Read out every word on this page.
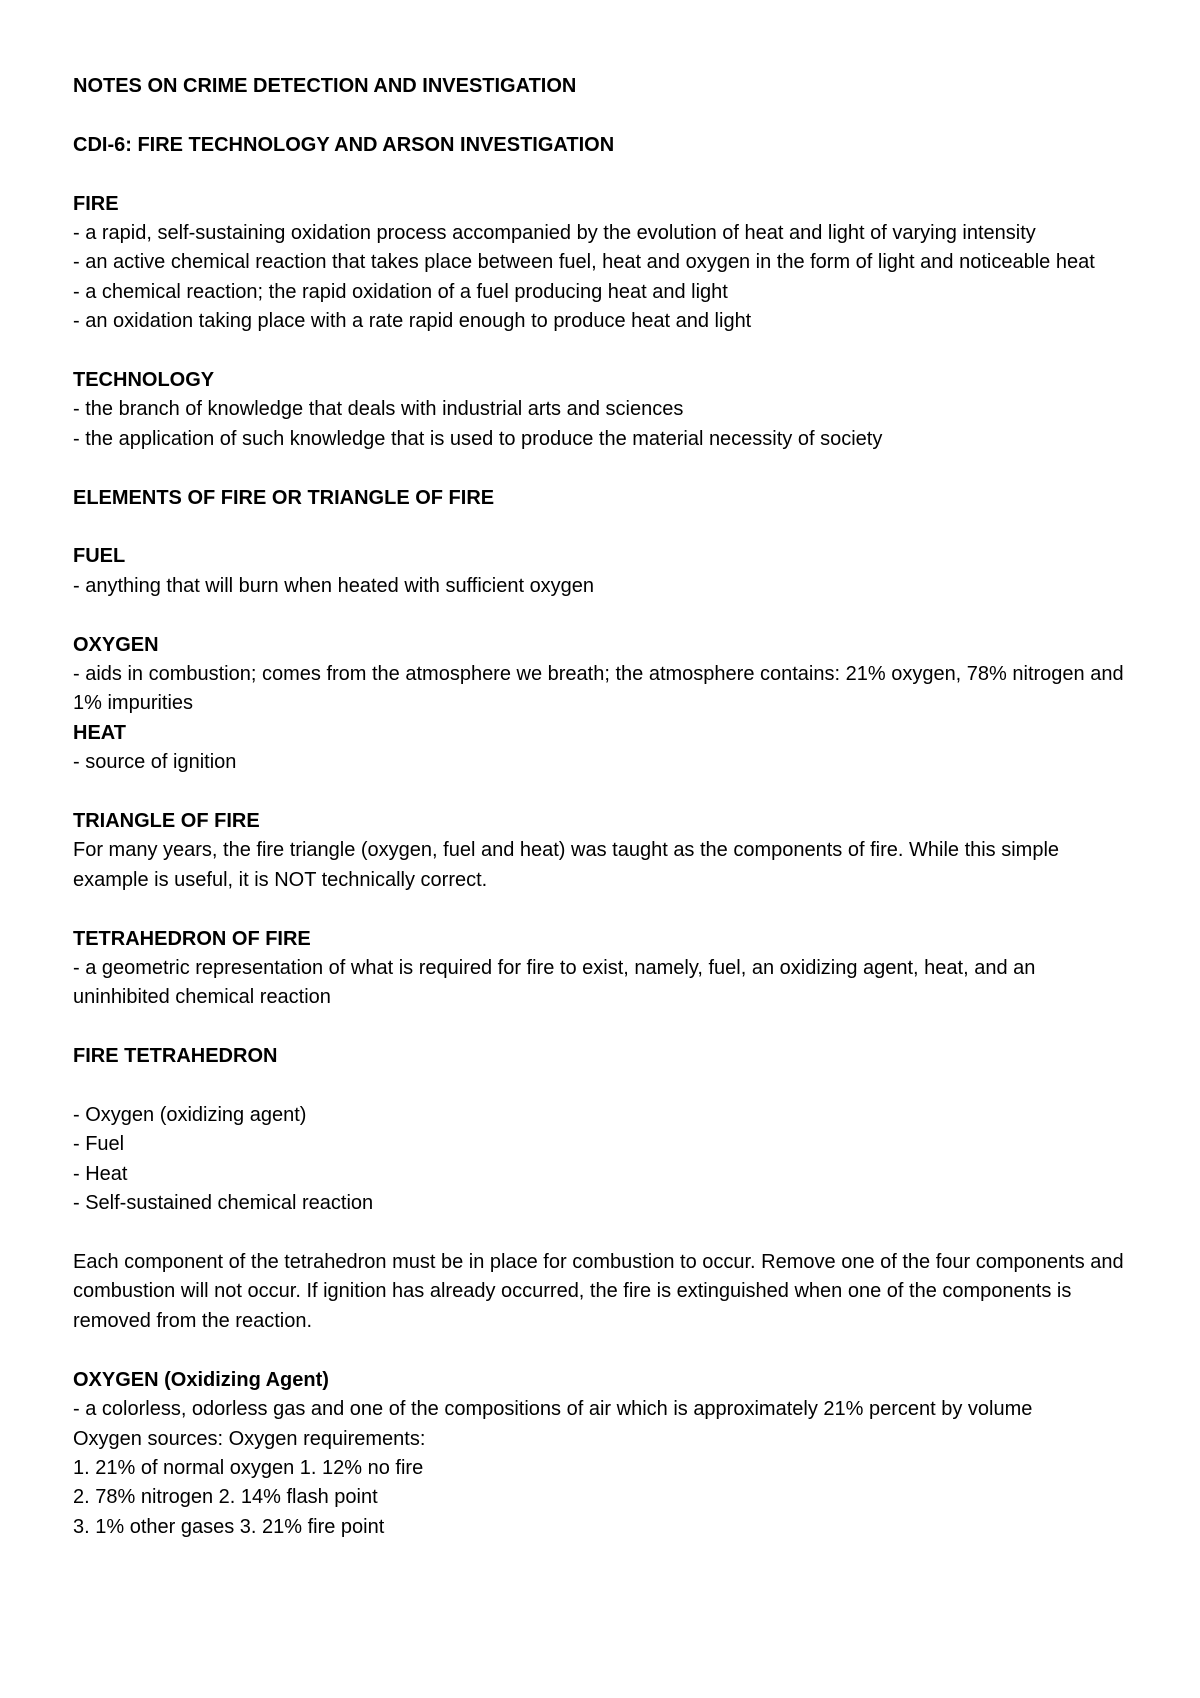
NOTES ON CRIME DETECTION AND INVESTIGATION

CDI-6: FIRE TECHNOLOGY AND ARSON INVESTIGATION

FIRE

- a rapid, self-sustaining oxidation process accompanied by the evolution of heat and light of varying intensity

- an active chemical reaction that takes place between fuel, heat and oxygen in the form of light and noticeable heat

- a chemical reaction; the rapid oxidation of a fuel producing heat and light

- an oxidation taking place with a rate rapid enough to produce heat and light

TECHNOLOGY

- the branch of knowledge that deals with industrial arts and sciences

- the application of such knowledge that is used to produce the material necessity of society

ELEMENTS OF FIRE OR TRIANGLE OF FIRE

FUEL

- anything that will burn when heated with sufficient oxygen

OXYGEN

- aids in combustion; comes from the atmosphere we breath; the atmosphere contains: 21% oxygen, 78% nitrogen and 1% impurities

HEAT

- source of ignition

TRIANGLE OF FIRE

For many years, the fire triangle (oxygen, fuel and heat) was taught as the components of fire. While this simple example is useful, it is NOT technically correct.

TETRAHEDRON OF FIRE

- a geometric representation of what is required for fire to exist, namely, fuel, an oxidizing agent, heat, and an uninhibited chemical reaction

FIRE TETRAHEDRON

- Oxygen (oxidizing agent)

- Fuel

- Heat

- Self-sustained chemical reaction

Each component of the tetrahedron must be in place for combustion to occur. Remove one of the four components and combustion will not occur. If ignition has already occurred, the fire is extinguished when one of the components is removed from the reaction.

OXYGEN (Oxidizing Agent)

- a colorless, odorless gas and one of the compositions of air which is approximately 21% percent by volume

Oxygen sources: Oxygen requirements:

1. 21% of normal oxygen 1. 12% no fire

2. 78% nitrogen 2. 14% flash point

3. 1% other gases 3. 21% fire point
